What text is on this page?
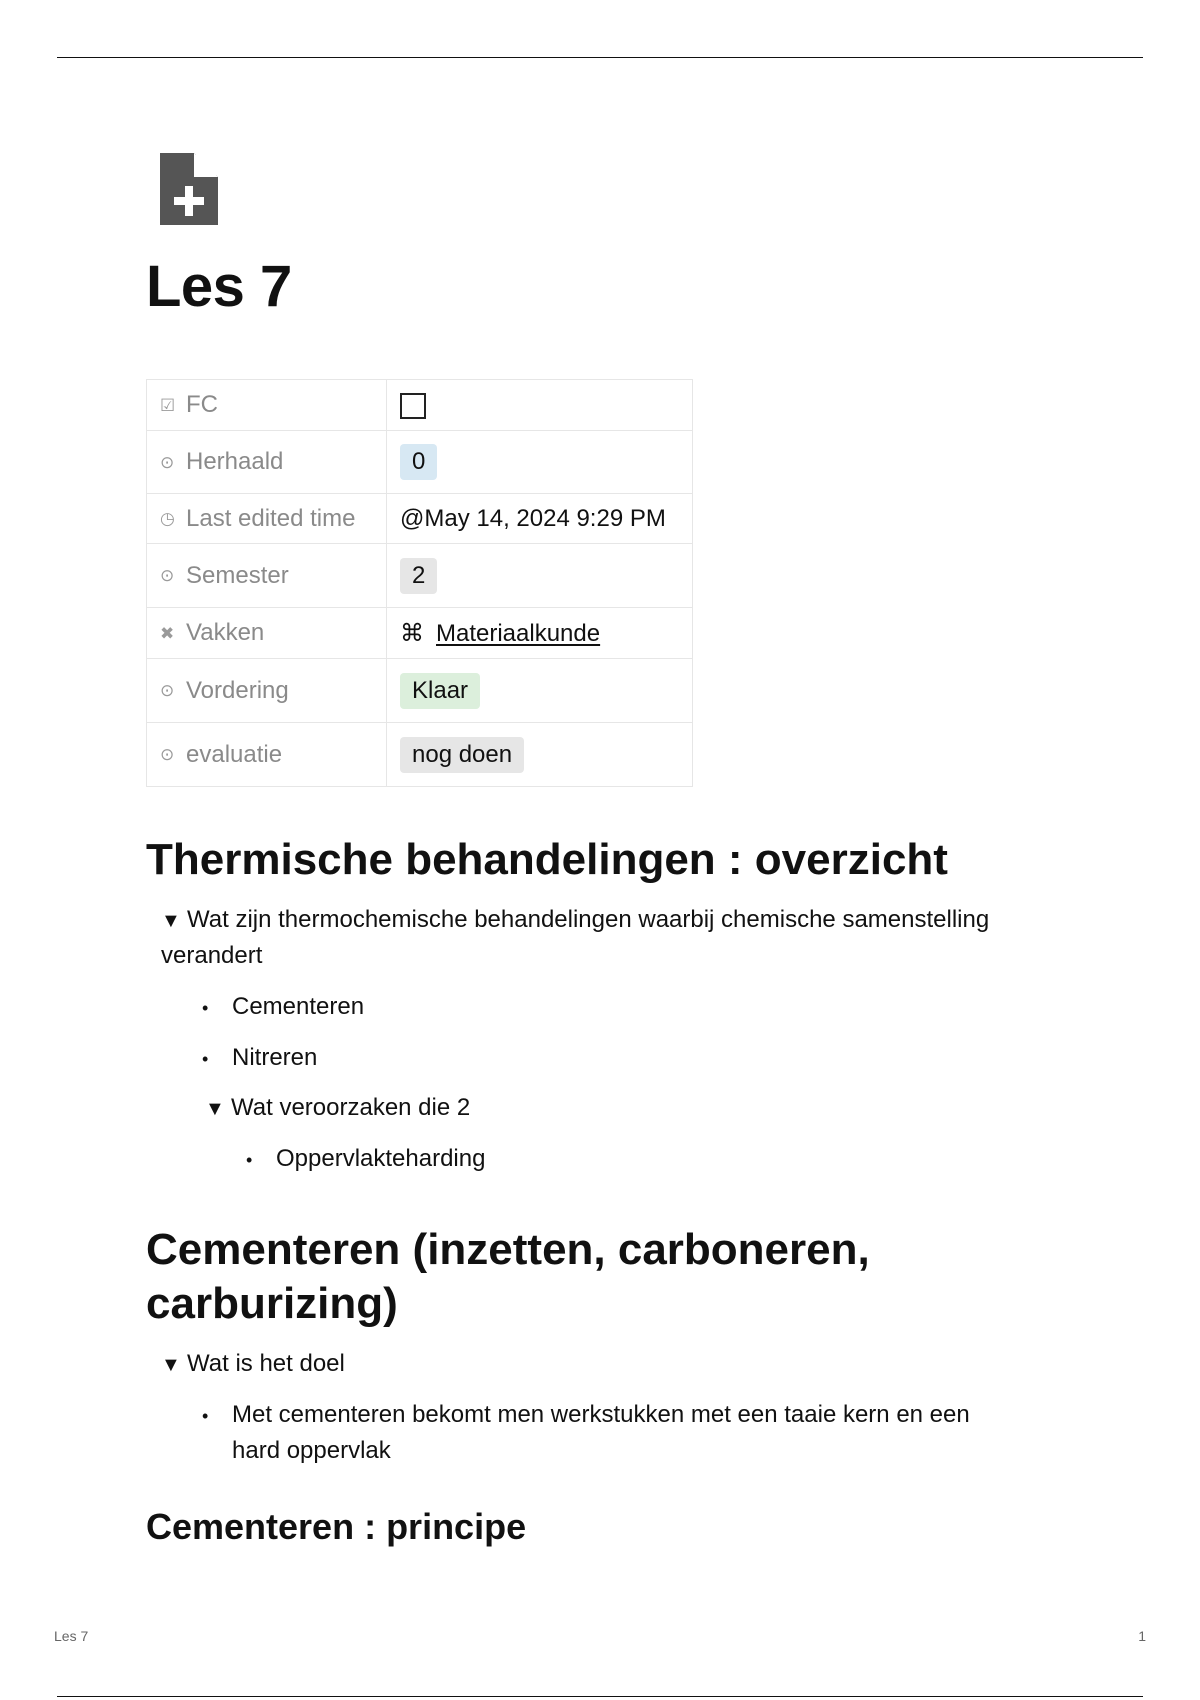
Les 7
☑ FC	
⊙ Herhaald	0
◷ Last edited time	@May 14, 2024 9:29 PM
⊙ Semester	2
✖ Vakken	⌘ Materiaalkunde
⊙ Vordering	Klaar
⊙ evaluatie	nog doen
Thermische behandelingen : overzicht
▼ Wat zijn thermochemische behandelingen waarbij chemische samenstelling
verandert
• Cementeren
• Nitreren
▼ Wat veroorzaken die 2
• Oppervlakteharding
Cementeren (inzetten, carboneren,
carburizing)
▼ Wat is het doel
• Met cementeren bekomt men werkstukken met een taaie kern en een
hard oppervlak
Cementeren : principe
Les 7	1
